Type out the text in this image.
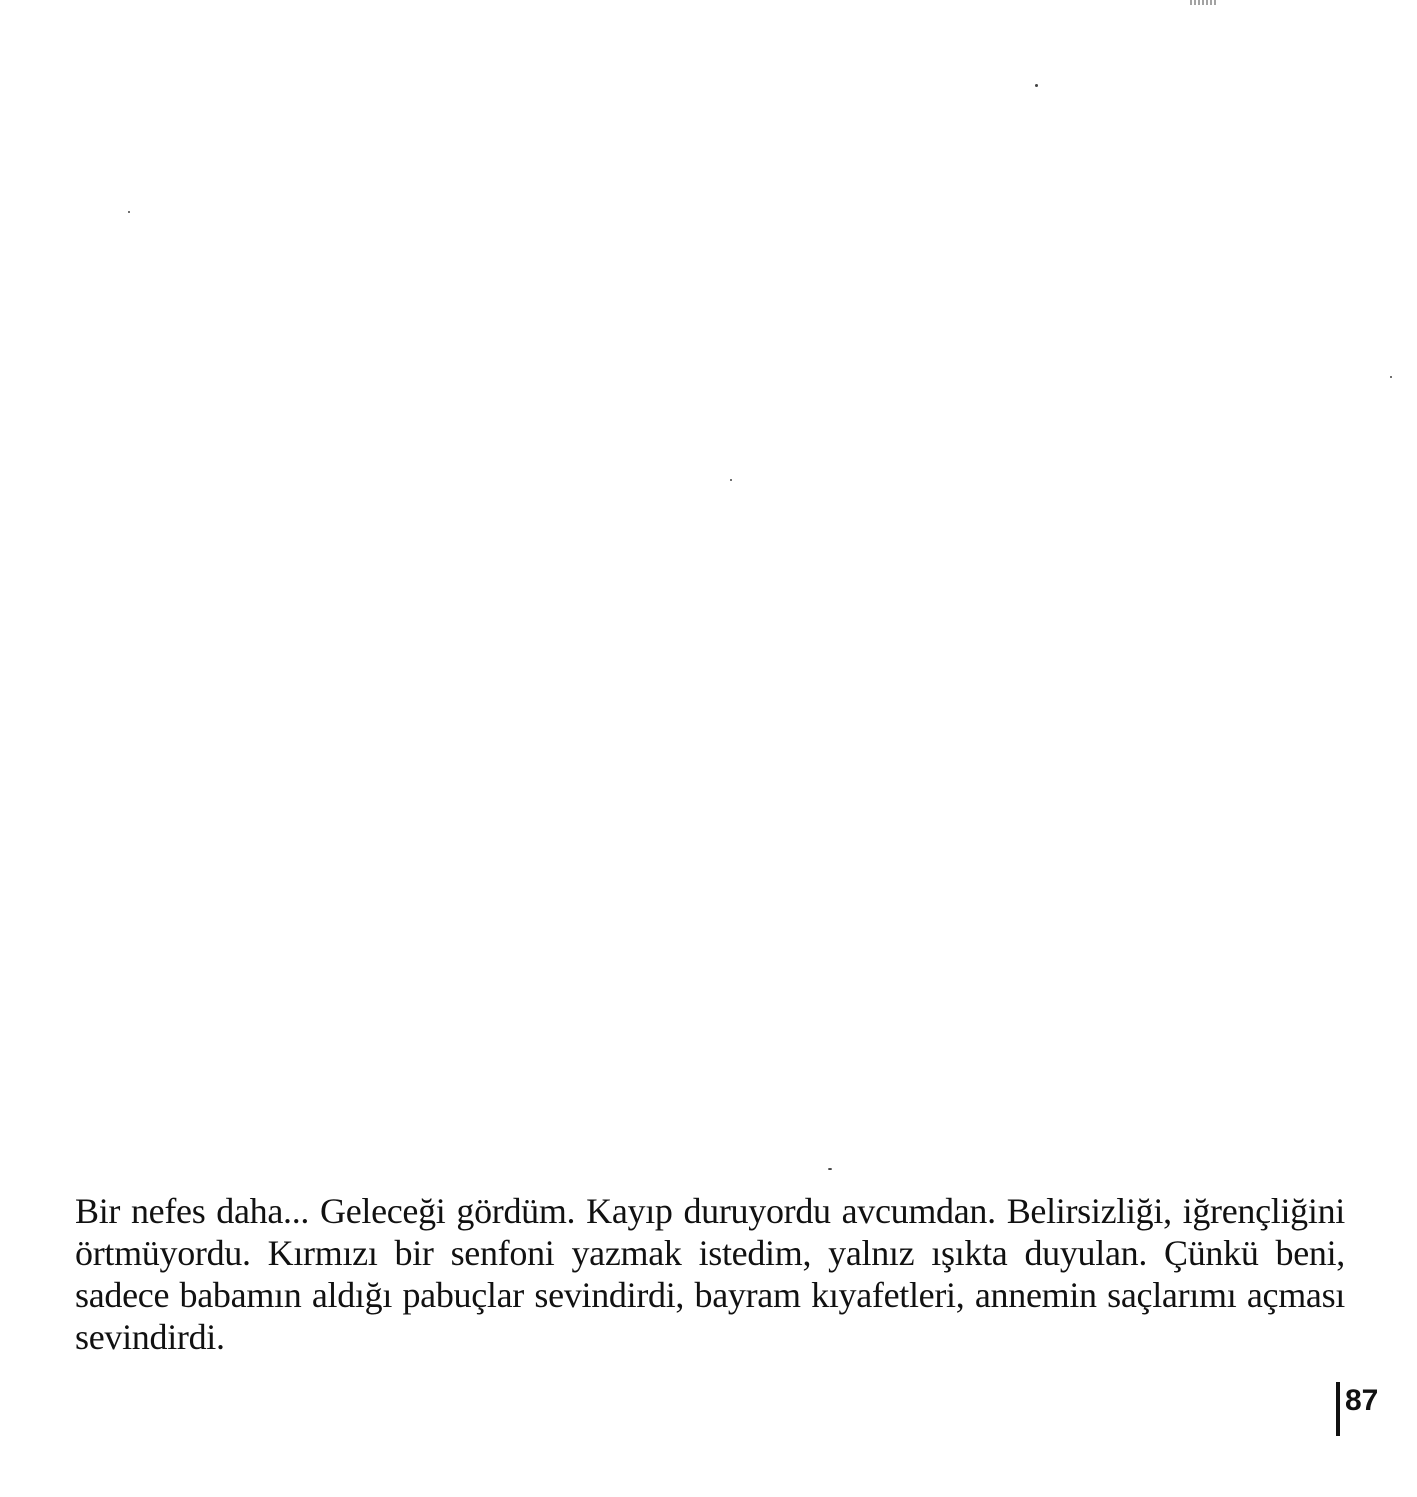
Bir nefes daha... Geleceği gördüm. Kayıp duruyordu avcumdan. Belirsizliği, iğrençliğini
örtmüyordu. Kırmızı bir senfoni yazmak istedim, yalnız ışıkta duyulan. Çünkü beni,
sadece babamın aldığı pabuçlar sevindirdi, bayram kıyafetleri, annemin saçlarımı açması
sevindirdi.

87
